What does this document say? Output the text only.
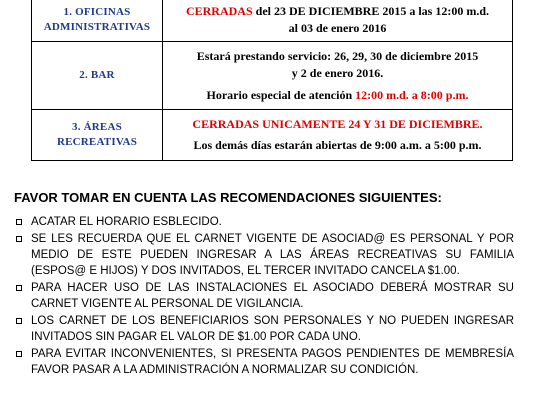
1. OFICINAS
ADMINISTRATIVAS
CERRADAS del 23 DE DICIEMBRE 2015 a las 12:00 m.d.
al 03 de enero 2016
2. BAR
Estará prestando servicio: 26, 29, 30 de diciembre 2015
y 2 de enero 2016.
Horario especial de atención 12:00 m.d. a 8:00 p.m.
3. ÁREAS
RECREATIVAS
CERRADAS UNICAMENTE 24 Y 31 DE DICIEMBRE.
Los demás días estarán abiertas de 9:00 a.m. a 5:00 p.m.
FAVOR TOMAR EN CUENTA LAS RECOMENDACIONES SIGUIENTES:
ACATAR EL HORARIO ESBLECIDO.
SE LES RECUERDA QUE EL CARNET VIGENTE DE ASOCIAD@ ES PERSONAL Y POR MEDIO DE ESTE PUEDEN INGRESAR A LAS ÁREAS RECREATIVAS SU FAMILIA (ESPOS@ E HIJOS) Y DOS INVITADOS, EL TERCER INVITADO CANCELA $1.00.
PARA HACER USO DE LAS INSTALACIONES EL ASOCIADO DEBERÁ MOSTRAR SU CARNET VIGENTE AL PERSONAL DE VIGILANCIA.
LOS CARNET DE LOS BENEFICIARIOS SON PERSONALES Y NO PUEDEN INGRESAR INVITADOS SIN PAGAR EL VALOR DE $1.00 POR CADA UNO.
PARA EVITAR INCONVENIENTES, SI PRESENTA PAGOS PENDIENTES DE MEMBRESÍA FAVOR PASAR A LA ADMINISTRACIÓN A NORMALIZAR SU CONDICIÓN.
